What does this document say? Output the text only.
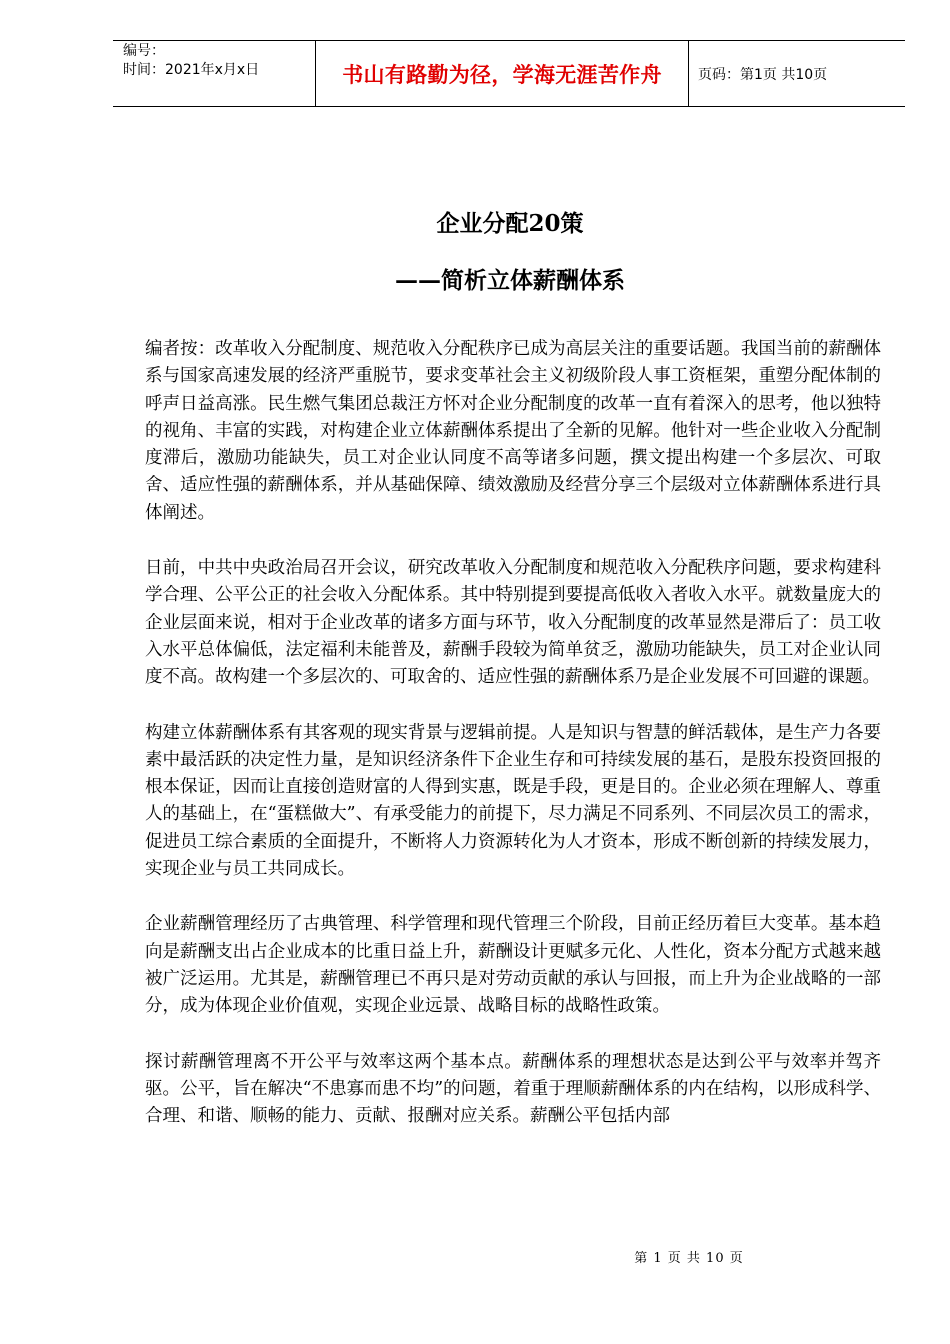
编号：
时间：2021年x月x日	书山有路勤为径，学海无涯苦作舟	页码：第1页 共10页
企业分配20策
——简析立体薪酬体系

编者按：改革收入分配制度、规范收入分配秩序已成为高层关注的重要话题。我国当前的薪酬体系与国家高速发展的经济严重脱节，要求变革社会主义初级阶段人事工资框架，重塑分配体制的呼声日益高涨。民生燃气集团总裁汪方怀对企业分配制度的改革一直有着深入的思考，他以独特的视角、丰富的实践，对构建企业立体薪酬体系提出了全新的见解。他针对一些企业收入分配制度滞后，激励功能缺失，员工对企业认同度不高等诸多问题，撰文提出构建一个多层次、可取舍、适应性强的薪酬体系，并从基础保障、绩效激励及经营分享三个层级对立体薪酬体系进行具体阐述。

日前，中共中央政治局召开会议，研究改革收入分配制度和规范收入分配秩序问题，要求构建科学合理、公平公正的社会收入分配体系。其中特别提到要提高低收入者收入水平。就数量庞大的企业层面来说，相对于企业改革的诸多方面与环节，收入分配制度的改革显然是滞后了：员工收入水平总体偏低，法定福利未能普及，薪酬手段较为简单贫乏，激励功能缺失，员工对企业认同度不高。故构建一个多层次的、可取舍的、适应性强的薪酬体系乃是企业发展不可回避的课题。

构建立体薪酬体系有其客观的现实背景与逻辑前提。人是知识与智慧的鲜活载体，是生产力各要素中最活跃的决定性力量，是知识经济条件下企业生存和可持续发展的基石，是股东投资回报的根本保证，因而让直接创造财富的人得到实惠，既是手段，更是目的。企业必须在理解人、尊重人的基础上，在“蛋糕做大”、有承受能力的前提下，尽力满足不同系列、不同层次员工的需求，促进员工综合素质的全面提升，不断将人力资源转化为人才资本，形成不断创新的持续发展力，实现企业与员工共同成长。

企业薪酬管理经历了古典管理、科学管理和现代管理三个阶段，目前正经历着巨大变革。基本趋向是薪酬支出占企业成本的比重日益上升，薪酬设计更赋多元化、人性化，资本分配方式越来越被广泛运用。尤其是，薪酬管理已不再只是对劳动贡献的承认与回报，而上升为企业战略的一部分，成为体现企业价值观，实现企业远景、战略目标的战略性政策。

探讨薪酬管理离不开公平与效率这两个基本点。薪酬体系的理想状态是达到公平与效率并驾齐驱。公平，旨在解决“不患寡而患不均”的问题，着重于理顺薪酬体系的内在结构，以形成科学、合理、和谐、顺畅的能力、贡献、报酬对应关系。薪酬公平包括内部

第 1 页 共 10 页
